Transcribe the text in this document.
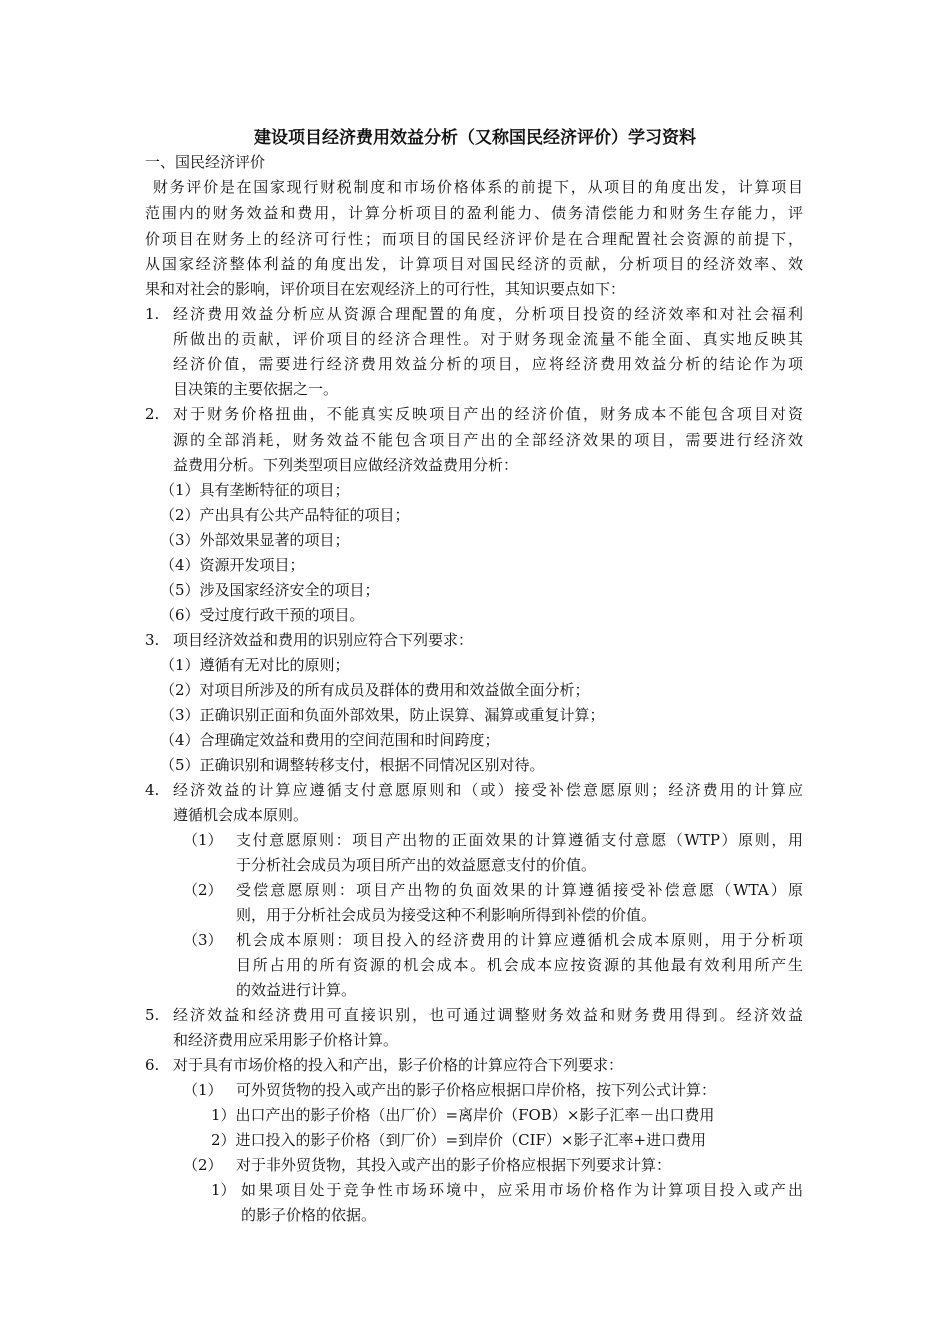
建设项目经济费用效益分析（又称国民经济评价）学习资料
一、国民经济评价
财务评价是在国家现行财税制度和市场价格体系的前提下，从项目的角度出发，计算项目
范围内的财务效益和费用，计算分析项目的盈利能力、债务清偿能力和财务生存能力，评
价项目在财务上的经济可行性；而项目的国民经济评价是在合理配置社会资源的前提下，
从国家经济整体利益的角度出发，计算项目对国民经济的贡献，分析项目的经济效率、效
果和对社会的影响，评价项目在宏观经济上的可行性，其知识要点如下：
1. 经济费用效益分析应从资源合理配置的角度，分析项目投资的经济效率和对社会福利
所做出的贡献，评价项目的经济合理性。对于财务现金流量不能全面、真实地反映其
经济价值，需要进行经济费用效益分析的项目，应将经济费用效益分析的结论作为项
目决策的主要依据之一。
2. 对于财务价格扭曲，不能真实反映项目产出的经济价值，财务成本不能包含项目对资
源的全部消耗，财务效益不能包含项目产出的全部经济效果的项目，需要进行经济效
益费用分析。下列类型项目应做经济效益费用分析：
（1）具有垄断特征的项目；
（2）产出具有公共产品特征的项目；
（3）外部效果显著的项目；
（4）资源开发项目；
（5）涉及国家经济安全的项目；
（6）受过度行政干预的项目。
3. 项目经济效益和费用的识别应符合下列要求：
（1）遵循有无对比的原则；
（2）对项目所涉及的所有成员及群体的费用和效益做全面分析；
（3）正确识别正面和负面外部效果，防止误算、漏算或重复计算；
（4）合理确定效益和费用的空间范围和时间跨度；
（5）正确识别和调整转移支付，根据不同情况区别对待。
4. 经济效益的计算应遵循支付意愿原则和（或）接受补偿意愿原则；经济费用的计算应
遵循机会成本原则。
（1） 支付意愿原则：项目产出物的正面效果的计算遵循支付意愿（WTP）原则，用
于分析社会成员为项目所产出的效益愿意支付的价值。
（2） 受偿意愿原则：项目产出物的负面效果的计算遵循接受补偿意愿（WTA）原
则，用于分析社会成员为接受这种不利影响所得到补偿的价值。
（3） 机会成本原则：项目投入的经济费用的计算应遵循机会成本原则，用于分析项
目所占用的所有资源的机会成本。机会成本应按资源的其他最有效利用所产生
的效益进行计算。
5. 经济效益和经济费用可直接识别，也可通过调整财务效益和财务费用得到。经济效益
和经济费用应采用影子价格计算。
6. 对于具有市场价格的投入和产出，影子价格的计算应符合下列要求：
（1） 可外贸货物的投入或产出的影子价格应根据口岸价格，按下列公式计算：
1）出口产出的影子价格（出厂价）=离岸价（FOB）×影子汇率－出口费用
2）进口投入的影子价格（到厂价）=到岸价（CIF）×影子汇率+进口费用
（2） 对于非外贸货物，其投入或产出的影子价格应根据下列要求计算：
1） 如果项目处于竞争性市场环境中，应采用市场价格作为计算项目投入或产出
的影子价格的依据。
